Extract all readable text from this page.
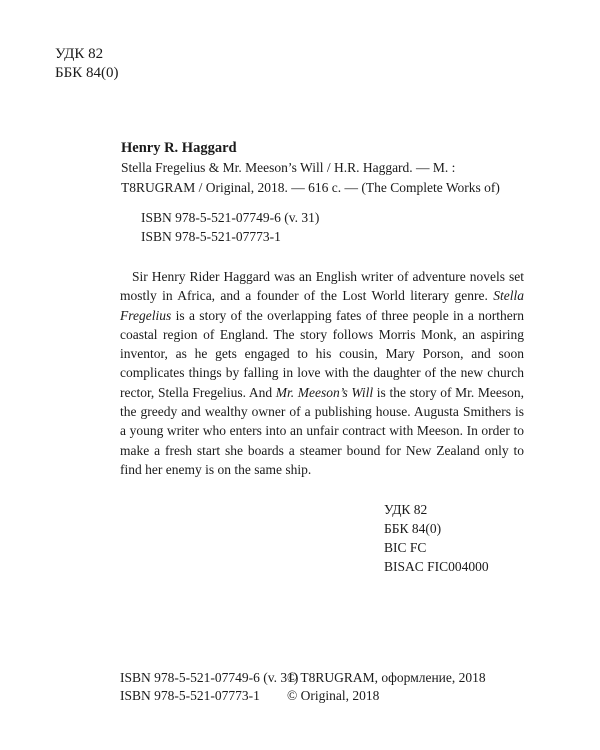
УДК 82
ББК 84(0)
Henry R. Haggard
Stella Fregelius & Mr. Meeson’s Will / H.R. Haggard. — М. :
T8RUGRAM / Original, 2018. — 616 с. — (The Complete Works of)
ISBN 978-5-521-07749-6 (v. 31)
ISBN 978-5-521-07773-1

Sir Henry Rider Haggard was an English writer of adventure novels set mostly in Africa, and a founder of the Lost World literary genre. Stella Fregelius is a story of the overlapping fates of three people in a northern coastal region of England. The story follows Morris Monk, an aspiring inventor, as he gets engaged to his cousin, Mary Porson, and soon complicates things by falling in love with the daughter of the new church rector, Stella Fregelius. And Mr. Meeson’s Will is the story of Mr. Meeson, the greedy and wealthy owner of a publishing house. Augusta Smithers is a young writer who enters into an unfair contract with Meeson. In order to make a fresh start she boards a steamer bound for New Zealand only to find her enemy is on the same ship.

УДК 82
ББК 84(0)
BIC FC
BISAC FIC004000
ISBN 978-5-521-07749-6 (v. 31)
ISBN 978-5-521-07773-1
© T8RUGRAM, оформление, 2018
© Original, 2018
